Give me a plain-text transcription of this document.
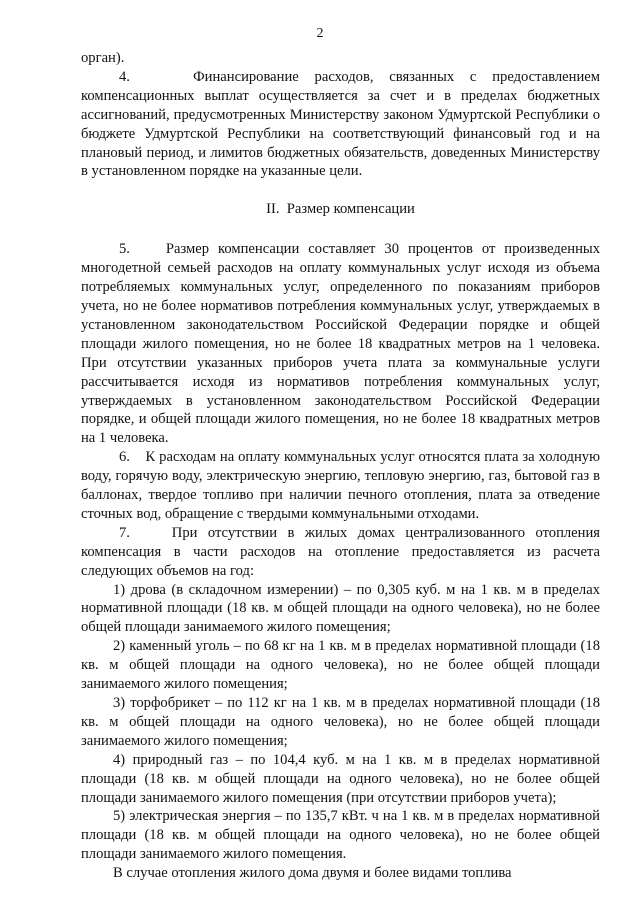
2

орган).

4.    Финансирование расходов, связанных с предоставлением компенсационных выплат осуществляется за счет и в пределах бюджетных ассигнований, предусмотренных Министерству законом Удмуртской Республики о бюджете Удмуртской Республики на соответствующий финансовый год и на плановый период, и лимитов бюджетных обязательств, доведенных Министерству в установленном порядке на указанные цели.

II.  Размер компенсации

5.    Размер компенсации составляет 30 процентов от произведенных многодетной семьей расходов на оплату коммунальных услуг исходя из объема потребляемых коммунальных услуг, определенного по показаниям приборов учета, но не более нормативов потребления коммунальных услуг, утверждаемых в установленном законодательством Российской Федерации порядке и общей площади жилого помещения, но не более 18 квадратных метров на 1 человека. При отсутствии указанных приборов учета плата за коммунальные услуги рассчитывается исходя из нормативов потребления коммунальных услуг, утверждаемых в установленном законодательством Российской Федерации порядке, и общей площади жилого помещения, но не более 18 квадратных метров на 1 человека.

6.    К расходам на оплату коммунальных услуг относятся плата за холодную воду, горячую воду, электрическую энергию, тепловую энергию, газ, бытовой газ в баллонах, твердое топливо при наличии печного отопления, плата за отведение сточных вод, обращение с твердыми коммунальными отходами.

7.    При отсутствии в жилых домах централизованного отопления компенсация в части расходов на отопление предоставляется из расчета следующих объемов на год:

1) дрова (в складочном измерении) – по 0,305 куб. м на 1 кв. м в пределах нормативной площади (18 кв. м общей площади на одного человека), но не более общей площади занимаемого жилого помещения;

2) каменный уголь – по 68 кг на 1 кв. м в пределах нормативной площади (18 кв. м общей площади на одного человека), но не более общей площади занимаемого жилого помещения;

3) торфобрикет – по 112 кг на 1 кв. м в пределах нормативной площади (18 кв. м общей площади на одного человека), но не более общей площади занимаемого жилого помещения;

4) природный газ – по 104,4 куб. м на 1 кв. м в пределах нормативной площади (18 кв. м общей площади на одного человека), но не более общей площади занимаемого жилого помещения (при отсутствии приборов учета);

5) электрическая энергия – по 135,7 кВт. ч на 1 кв. м в пределах нормативной площади (18 кв. м общей площади на одного человека), но не более общей площади занимаемого жилого помещения.

В случае отопления жилого дома двумя и более видами топлива
